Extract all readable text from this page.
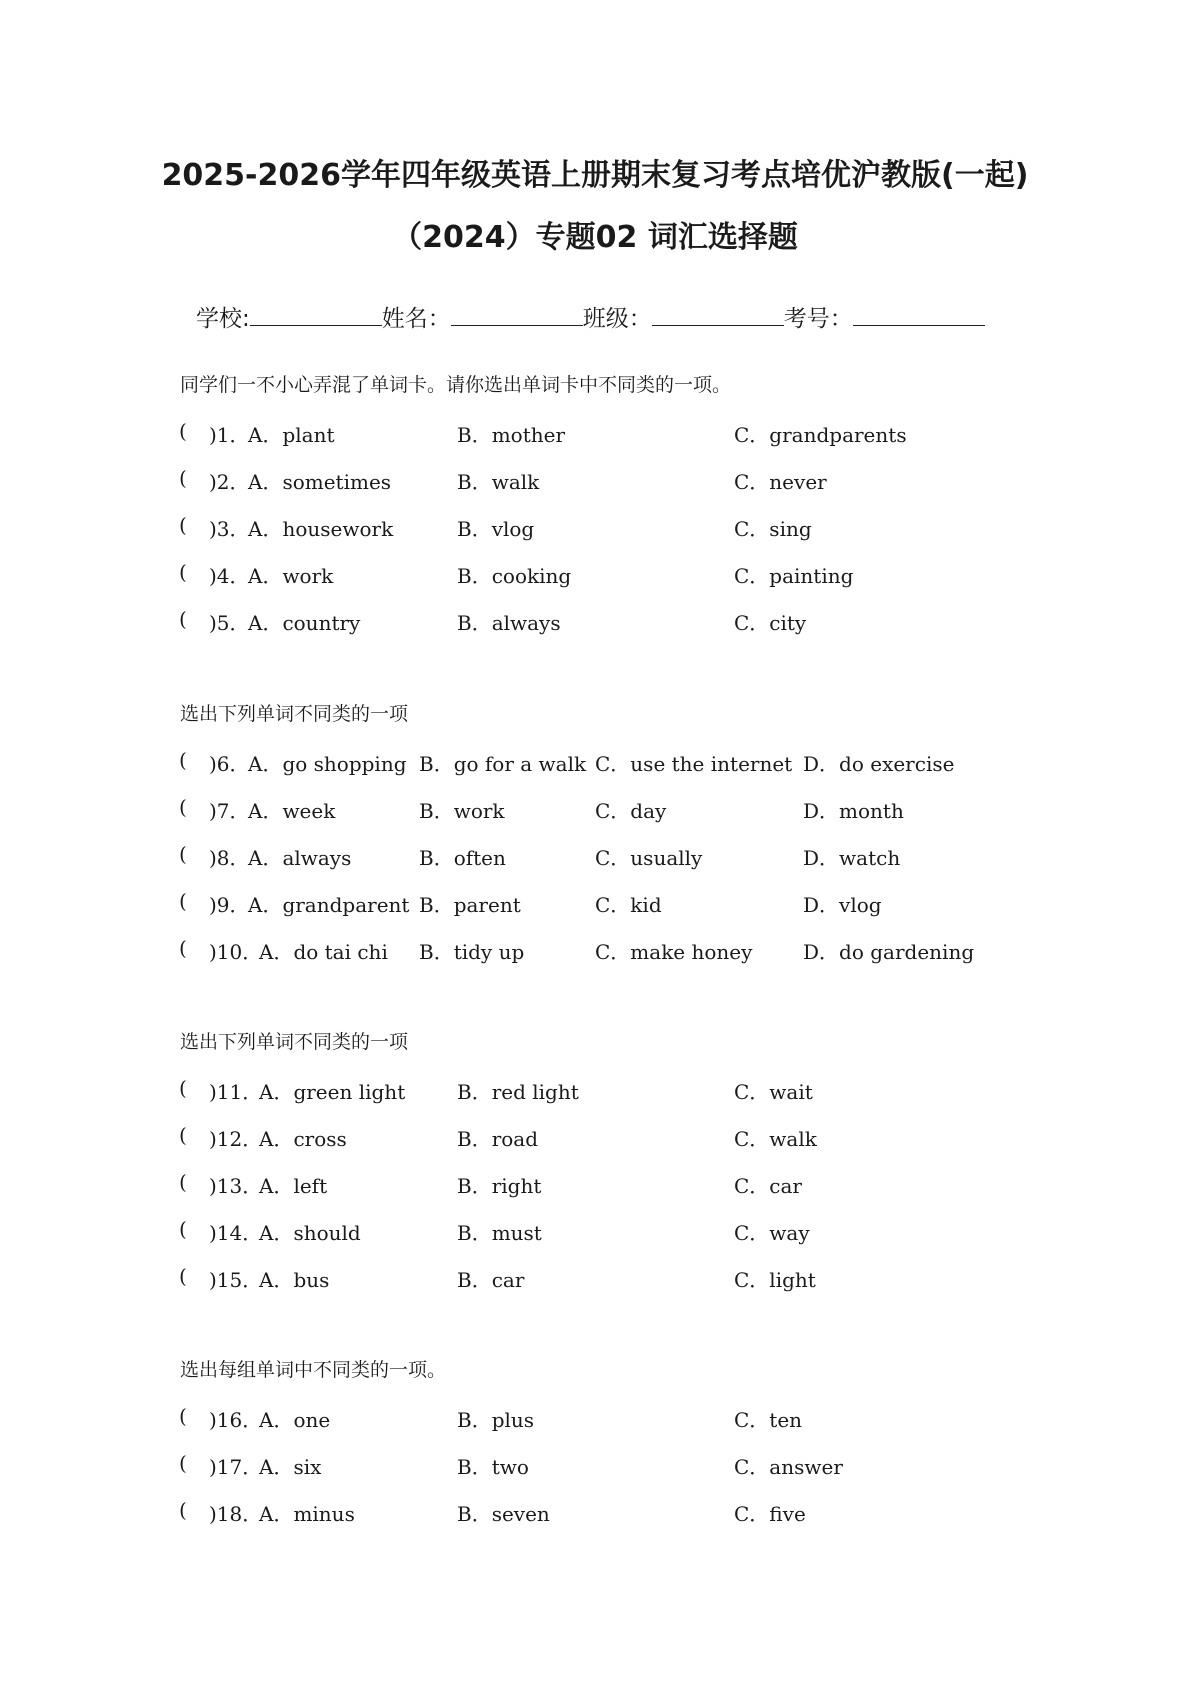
2025-2026学年四年级英语上册期末复习考点培优沪教版(一起)
（2024）专题02 词汇选择题
学校:	姓名：	班级：	考号：
同学们一不小心弄混了单词卡。请你选出单词卡中不同类的一项。
( )1．
A．plant	B．mother	C．grandparents
( )2．
A．sometimes	B．walk	C．never
( )3．
A．housework	B．vlog	C．sing
( )4．
A．work	B．cooking	C．painting
( )5．
A．country	B．always	C．city
选出下列单词不同类的一项
( )6．
A．go shopping B．go for a walk C．use the internet D．do exercise
( )7．
A．week	B．work	C．day	D．month
( )8．
A．always	B．often	C．usually	D．watch
( )9．
A．grandparent B．parent	C．kid	D．vlog
( )10．
A．do tai chi B．tidy up	C．make honey	D．do gardening
选出下列单词不同类的一项
( )11．
A．green light	B．red light	C．wait
( )12．
A．cross	B．road	C．walk
( )13．
A．left	B．right	C．car
( )14．
A．should	B．must	C．way
( )15．
A．bus	B．car	C．light
选出每组单词中不同类的一项。
( )16．
A．one	B．plus	C．ten
( )17．
A．six	B．two	C．answer
( )18．
A．minus	B．seven	C．five
